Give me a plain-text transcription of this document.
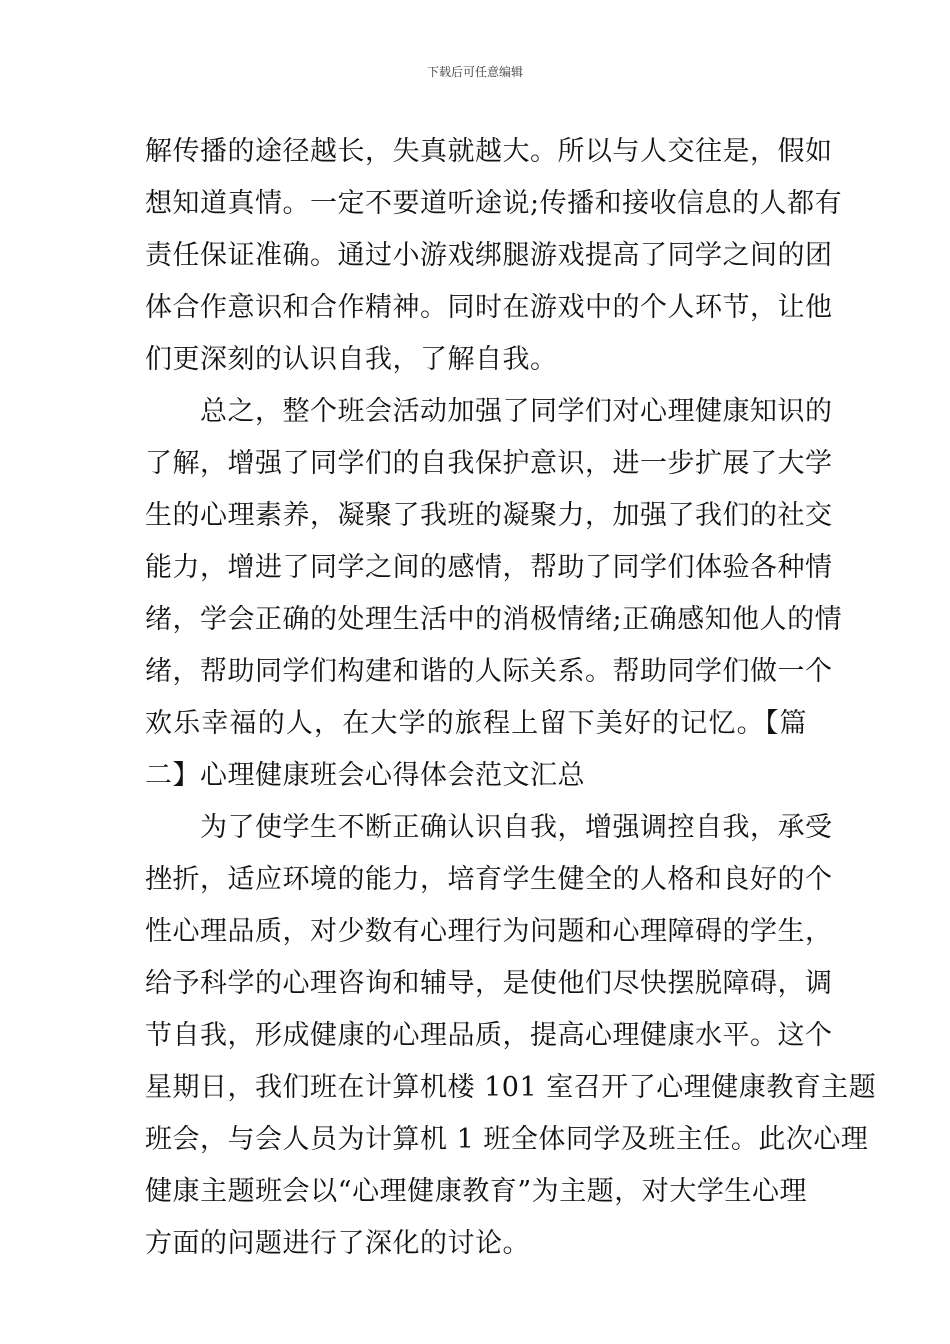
下载后可任意编辑
解传播的途径越长，失真就越大。所以与人交往是，假如
想知道真情。一定不要道听途说;传播和接收信息的人都有
责任保证准确。通过小游戏绑腿游戏提高了同学之间的团
体合作意识和合作精神。同时在游戏中的个人环节，让他
们更深刻的认识自我，了解自我。
　　总之，整个班会活动加强了同学们对心理健康知识的
了解，增强了同学们的自我保护意识，进一步扩展了大学
生的心理素养，凝聚了我班的凝聚力，加强了我们的社交
能力，增进了同学之间的感情，帮助了同学们体验各种情
绪，学会正确的处理生活中的消极情绪;正确感知他人的情
绪，帮助同学们构建和谐的人际关系。帮助同学们做一个
欢乐幸福的人，在大学的旅程上留下美好的记忆。【篇
二】心理健康班会心得体会范文汇总
　　为了使学生不断正确认识自我，增强调控自我，承受
挫折，适应环境的能力，培育学生健全的人格和良好的个
性心理品质，对少数有心理行为问题和心理障碍的学生，
给予科学的心理咨询和辅导，是使他们尽快摆脱障碍，调
节自我，形成健康的心理品质，提高心理健康水平。这个
星期日，我们班在计算机楼 101 室召开了心理健康教育主题
班会，与会人员为计算机 1 班全体同学及班主任。此次心理
健康主题班会以“心理健康教育”为主题，对大学生心理
方面的问题进行了深化的讨论。
